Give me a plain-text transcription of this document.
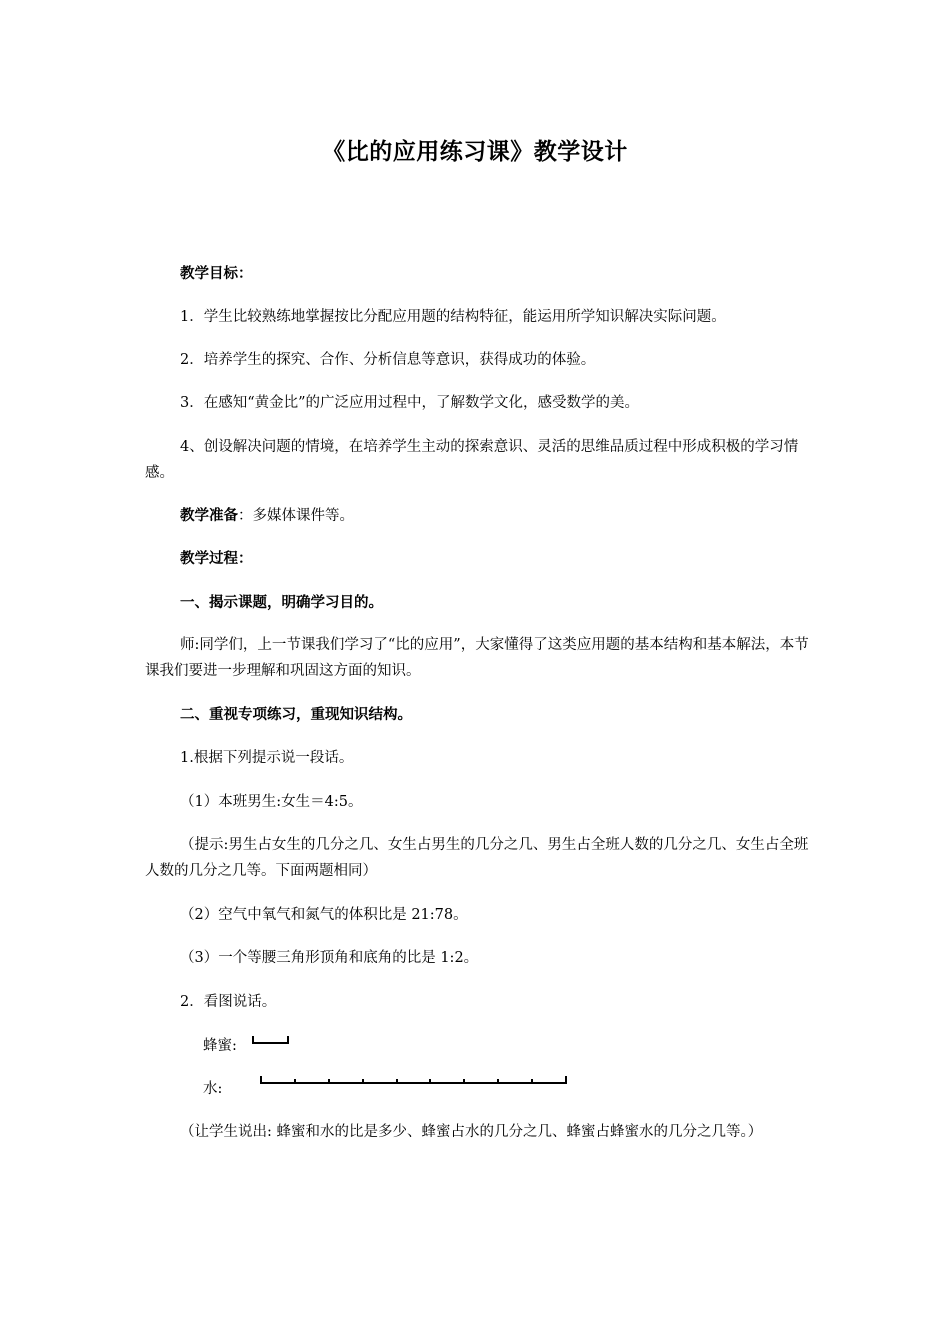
《比的应用练习课》教学设计
教学目标：
1．学生比较熟练地掌握按比分配应用题的结构特征，能运用所学知识解决实际问题。
2．培养学生的探究、合作、分析信息等意识，获得成功的体验。
3．在感知“黄金比”的广泛应用过程中，了解数学文化，感受数学的美。
4、创设解决问题的情境，在培养学生主动的探索意识、灵活的思维品质过程中形成积极的学习情感。
教学准备：多媒体课件等。
教学过程：
一、揭示课题，明确学习目的。
师:同学们，上一节课我们学习了“比的应用”，大家懂得了这类应用题的基本结构和基本解法，本节课我们要进一步理解和巩固这方面的知识。
二、重视专项练习，重现知识结构。
1.根据下列提示说一段话。
（1）本班男生:女生＝4:5。
（提示:男生占女生的几分之几、女生占男生的几分之几、男生占全班人数的几分之几、女生占全班人数的几分之几等。下面两题相同）
（2）空气中氧气和氮气的体积比是 21:78。
（3）一个等腰三角形顶角和底角的比是 1:2。
2．看图说话。
蜂蜜:
水:
（让学生说出: 蜂蜜和水的比是多少、蜂蜜占水的几分之几、蜂蜜占蜂蜜水的几分之几等。）
